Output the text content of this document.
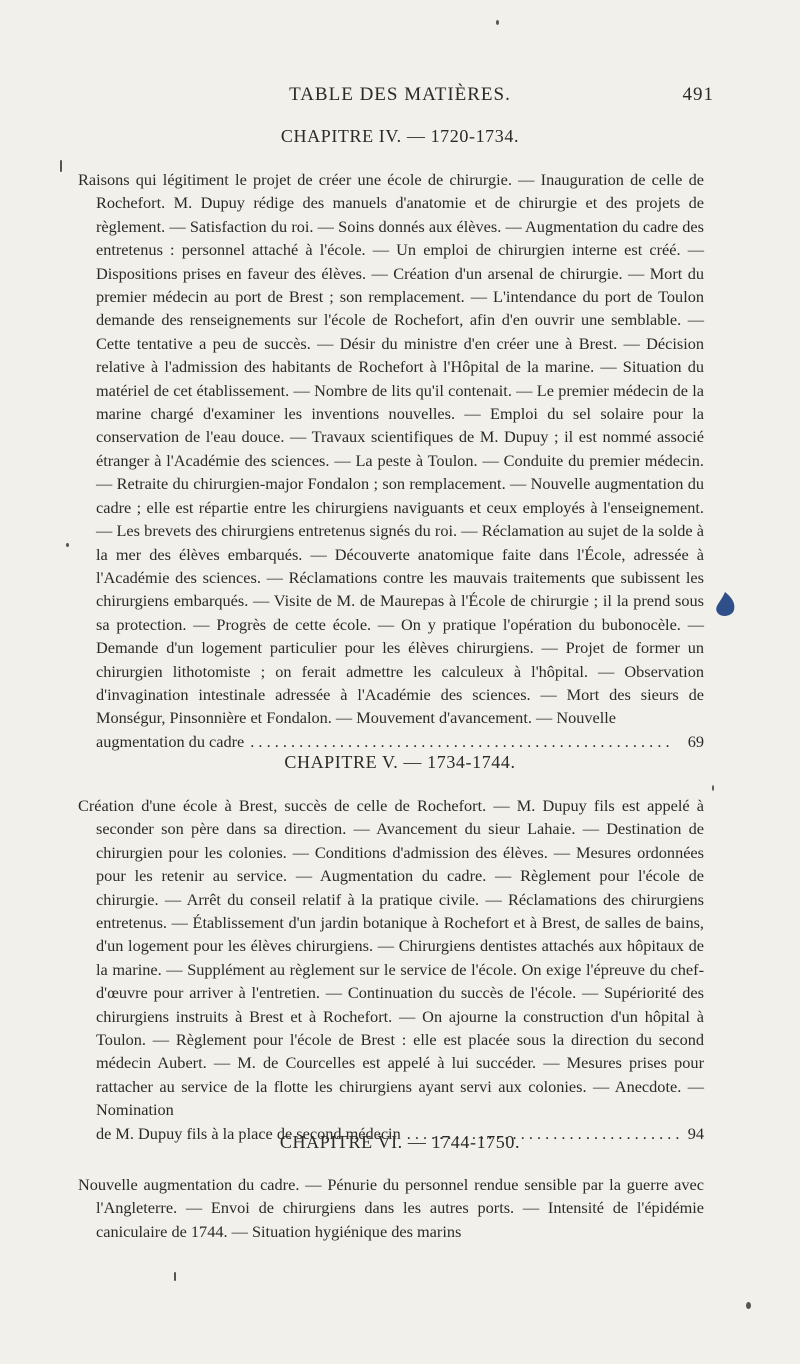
TABLE DES MATIÈRES.	491
CHAPITRE IV. — 1720-1734.
Raisons qui légitiment le projet de créer une école de chirurgie. — Inauguration de celle de Rochefort. M. Dupuy rédige des manuels d'anatomie et de chirurgie et des projets de règlement. — Satisfaction du roi. — Soins donnés aux élèves. — Augmentation du cadre des entretenus : personnel attaché à l'école. — Un emploi de chirurgien interne est créé. — Dispositions prises en faveur des élèves. — Création d'un arsenal de chirurgie. — Mort du premier médecin au port de Brest ; son remplacement. — L'intendance du port de Toulon demande des renseignements sur l'école de Rochefort, afin d'en ouvrir une semblable. — Cette tentative a peu de succès. — Désir du ministre d'en créer une à Brest. — Décision relative à l'admission des habitants de Rochefort à l'Hôpital de la marine. — Situation du matériel de cet établissement. — Nombre de lits qu'il contenait. — Le premier médecin de la marine chargé d'examiner les inventions nouvelles. — Emploi du sel solaire pour la conservation de l'eau douce. — Travaux scientifiques de M. Dupuy ; il est nommé associé étranger à l'Académie des sciences. — La peste à Toulon. — Conduite du premier médecin. — Retraite du chirurgien-major Fondalon ; son remplacement. — Nouvelle augmentation du cadre ; elle est répartie entre les chirurgiens naviguants et ceux employés à l'enseignement. — Les brevets des chirurgiens entretenus signés du roi. — Réclamation au sujet de la solde à la mer des élèves embarqués. — Découverte anatomique faite dans l'École, adressée à l'Académie des sciences. — Réclamations contre les mauvais traitements que subissent les chirurgiens embarqués. — Visite de M. de Maurepas à l'École de chirurgie ; il la prend sous sa protection. — Progrès de cette école. — On y pratique l'opération du bubonocèle. — Demande d'un logement particulier pour les élèves chirurgiens. — Projet de former un chirurgien lithotomiste ; on ferait admettre les calculeux à l'hôpital. — Observation d'invagination intestinale adressée à l'Académie des sciences. — Mort des sieurs de Monségur, Pinsonnière et Fondalon. — Mouvement d'avancement. — Nouvelle
augmentation du cadre . . .	69
CHAPITRE V. — 1734-1744.
Création d'une école à Brest, succès de celle de Rochefort. — M. Dupuy fils est appelé à seconder son père dans sa direction. — Avancement du sieur Lahaie. — Destination de chirurgien pour les colonies. — Conditions d'admission des élèves. — Mesures ordonnées pour les retenir au service. — Augmentation du cadre. — Règlement pour l'école de chirurgie. — Arrêt du conseil relatif à la pratique civile. — Réclamations des chirurgiens entretenus. — Établissement d'un jardin botanique à Rochefort et à Brest, de salles de bains, d'un logement pour les élèves chirurgiens. — Chirurgiens dentistes attachés aux hôpitaux de la marine. — Supplément au règlement sur le service de l'école. On exige l'épreuve du chef-d'œuvre pour arriver à l'entretien. — Continuation du succès de l'école. — Supériorité des chirurgiens instruits à Brest et à Rochefort. — On ajourne la construction d'un hôpital à Toulon. — Règlement pour l'école de Brest : elle est placée sous la direction du second médecin Aubert. — M. de Courcelles est appelé à lui succéder. — Mesures prises pour rattacher au service de la flotte les chirurgiens ayant servi aux colonies. — Anecdote. — Nomination
de M. Dupuy fils à la place de second médecin . . .	94
CHAPITRE VI. — 1744-1750.
Nouvelle augmentation du cadre. — Pénurie du personnel rendue sensible par la guerre avec l'Angleterre. — Envoi de chirurgiens dans les autres ports. — Intensité de l'épidémie caniculaire de 1744. — Situation hygiénique des marins
